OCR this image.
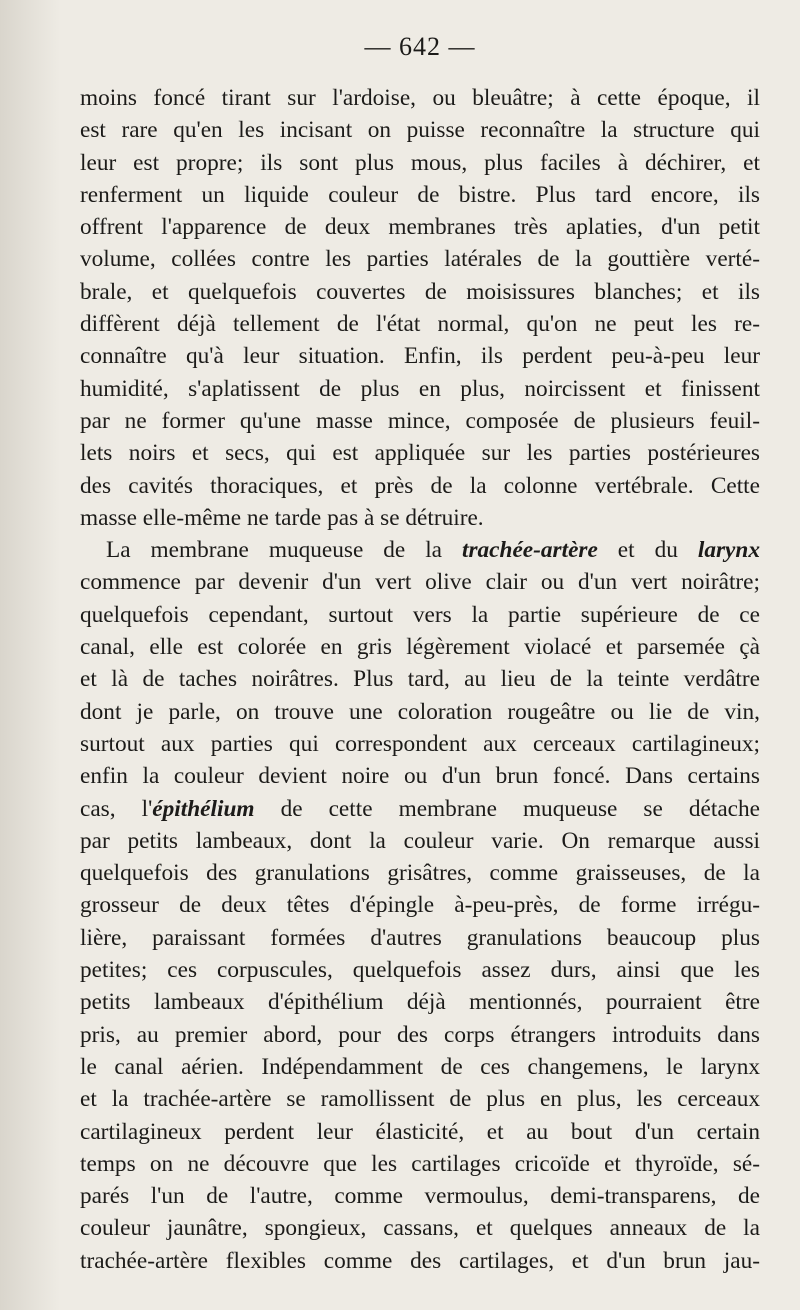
— 642 —

moins foncé tirant sur l'ardoise, ou bleuâtre; à cette époque, il

est rare qu'en les incisant on puisse reconnaître la structure qui

leur est propre; ils sont plus mous, plus faciles à déchirer, et

renferment un liquide couleur de bistre. Plus tard encore, ils

offrent l'apparence de deux membranes très aplaties, d'un petit

volume, collées contre les parties latérales de la gouttière verté-

brale, et quelquefois couvertes de moisissures blanches; et ils

diffèrent déjà tellement de l'état normal, qu'on ne peut les re-

connaître qu'à leur situation. Enfin, ils perdent peu-à-peu leur

humidité, s'aplatissent de plus en plus, noircissent et finissent

par ne former qu'une masse mince, composée de plusieurs feuil-

lets noirs et secs, qui est appliquée sur les parties postérieures

des cavités thoraciques, et près de la colonne vertébrale. Cette

masse elle-même ne tarde pas à se détruire.

La membrane muqueuse de la trachée-artère et du larynx

commence par devenir d'un vert olive clair ou d'un vert noirâtre;

quelquefois cependant, surtout vers la partie supérieure de ce

canal, elle est colorée en gris légèrement violacé et parsemée çà

et là de taches noirâtres. Plus tard, au lieu de la teinte verdâtre

dont je parle, on trouve une coloration rougeâtre ou lie de vin,

surtout aux parties qui correspondent aux cerceaux cartilagineux;

enfin la couleur devient noire ou d'un brun foncé. Dans certains

cas, l'épithélium de cette membrane muqueuse se détache

par petits lambeaux, dont la couleur varie. On remarque aussi

quelquefois des granulations grisâtres, comme graisseuses, de la

grosseur de deux têtes d'épingle à-peu-près, de forme irrégu-

lière, paraissant formées d'autres granulations beaucoup plus

petites; ces corpuscules, quelquefois assez durs, ainsi que les

petits lambeaux d'épithélium déjà mentionnés, pourraient être

pris, au premier abord, pour des corps étrangers introduits dans

le canal aérien. Indépendamment de ces changemens, le larynx

et la trachée-artère se ramollissent de plus en plus, les cerceaux

cartilagineux perdent leur élasticité, et au bout d'un certain

temps on ne découvre que les cartilages cricoïde et thyroïde, sé-

parés l'un de l'autre, comme vermoulus, demi-transparens, de

couleur jaunâtre, spongieux, cassans, et quelques anneaux de la

trachée-artère flexibles comme des cartilages, et d'un brun jau-
